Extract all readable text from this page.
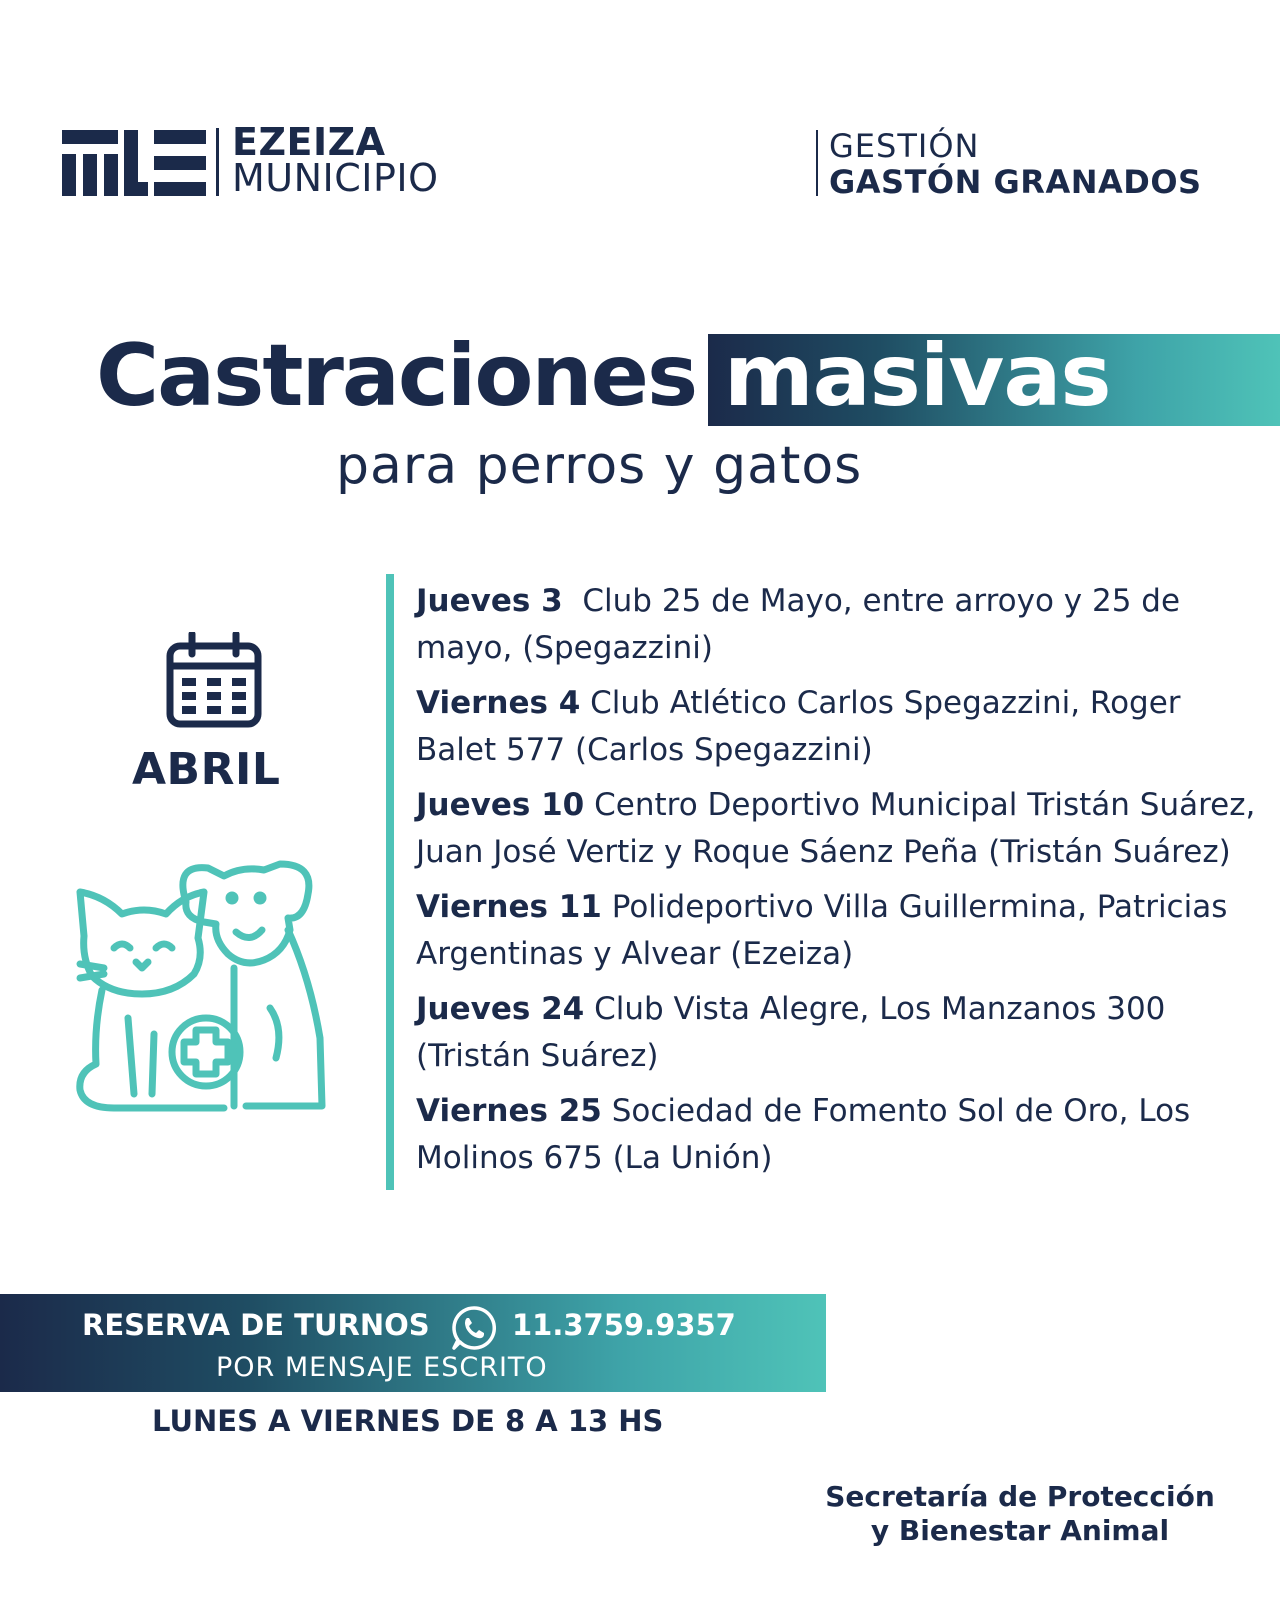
EZEIZA
MUNICIPIO
GESTIÓN
GASTÓN GRANADOS
Castraciones masivas
para perros y gatos
ABRIL
Jueves 3 Club 25 de Mayo, entre arroyo y 25 de mayo, (Spegazzini)
Viernes 4 Club Atlético Carlos Spegazzini, Roger Balet 577 (Carlos Spegazzini)
Jueves 10 Centro Deportivo Municipal Tristán Suárez, Juan José Vertiz y Roque Sáenz Peña (Tristán Suárez)
Viernes 11 Polideportivo Villa Guillermina, Patricias Argentinas y Alvear (Ezeiza)
Jueves 24 Club Vista Alegre, Los Manzanos 300 (Tristán Suárez)
Viernes 25 Sociedad de Fomento Sol de Oro, Los Molinos 675 (La Unión)
RESERVA DE TURNOS	11.3759.9357
POR MENSAJE ESCRITO
LUNES A VIERNES DE 8 A 13 HS
Secretaría de Protección
y Bienestar Animal
